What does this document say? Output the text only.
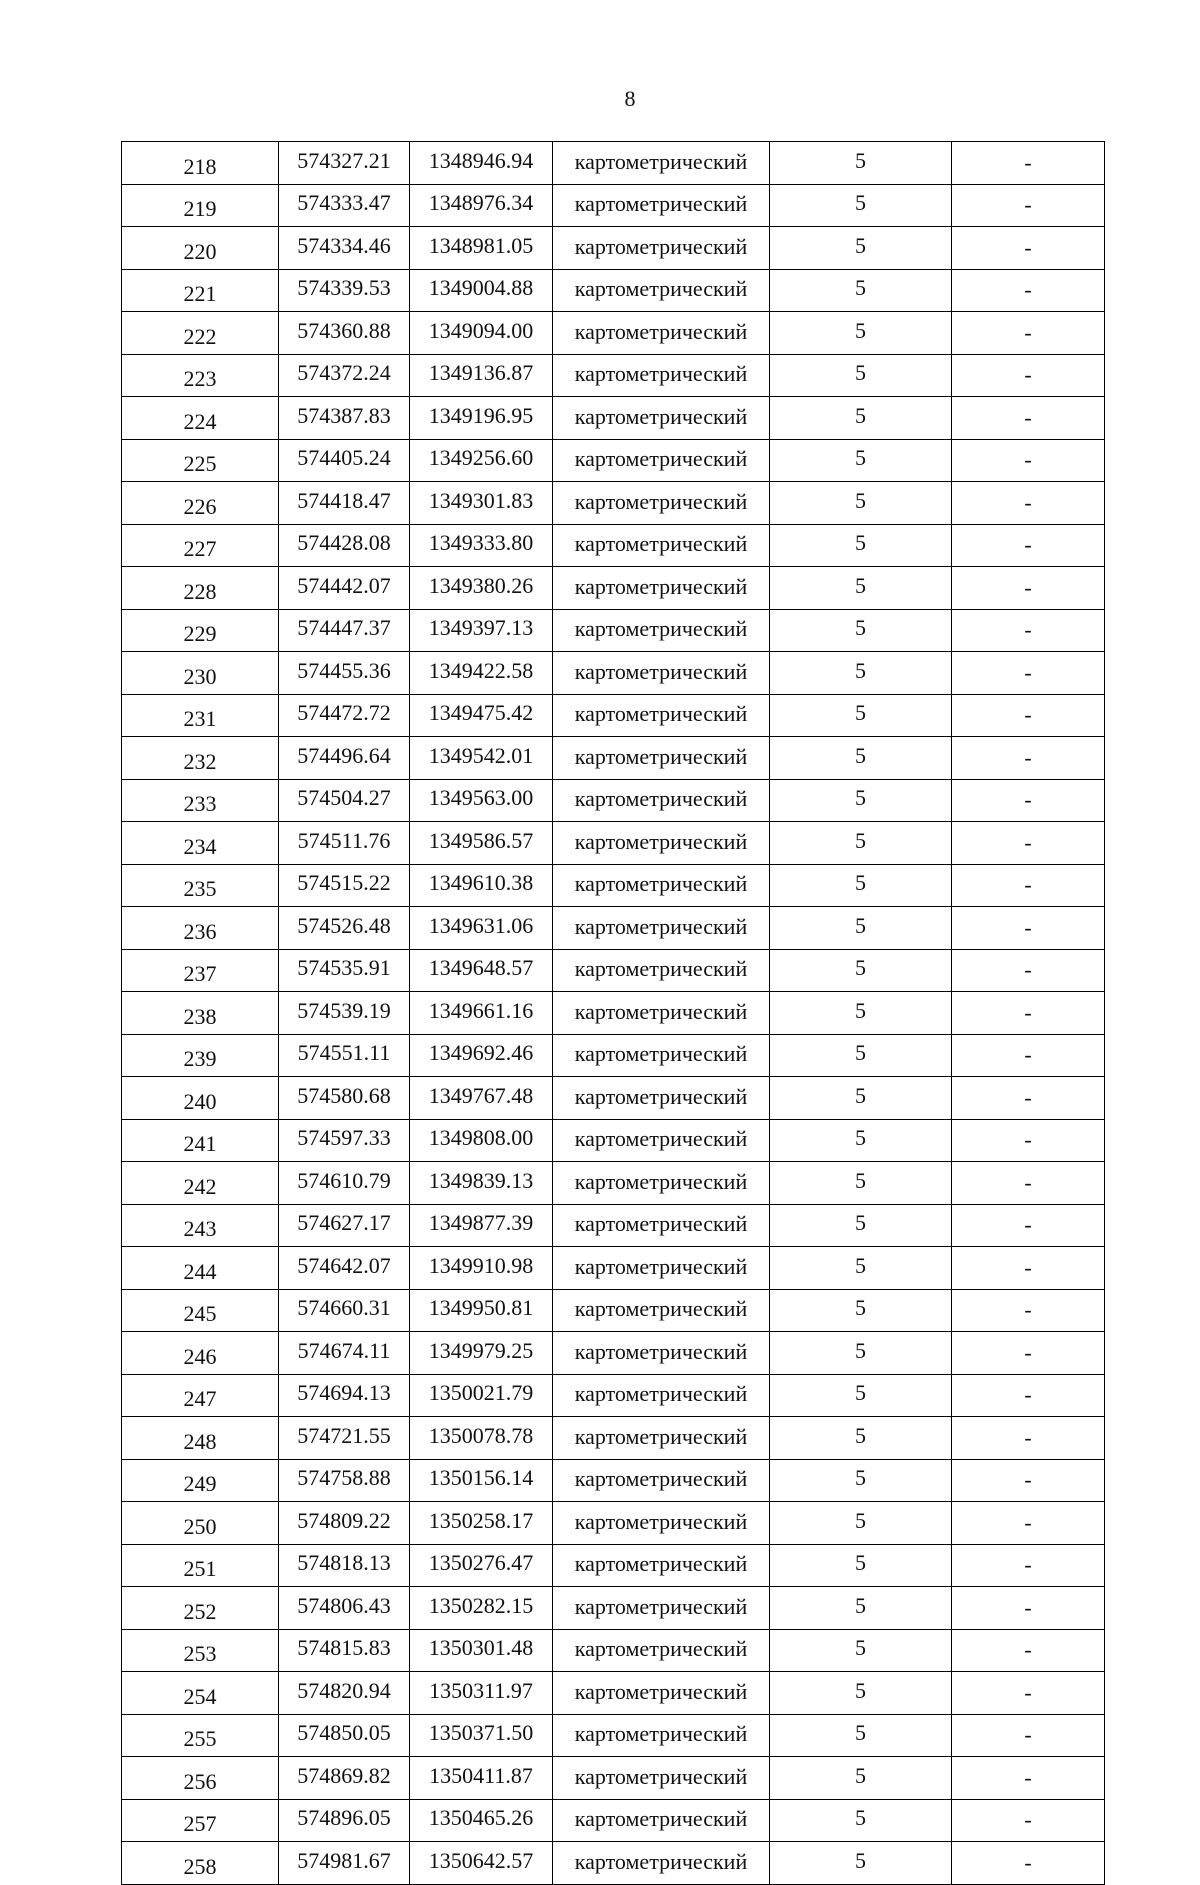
8
218	574327.21	1348946.94	картометрический	5	-
219	574333.47	1348976.34	картометрический	5	-
220	574334.46	1348981.05	картометрический	5	-
221	574339.53	1349004.88	картометрический	5	-
222	574360.88	1349094.00	картометрический	5	-
223	574372.24	1349136.87	картометрический	5	-
224	574387.83	1349196.95	картометрический	5	-
225	574405.24	1349256.60	картометрический	5	-
226	574418.47	1349301.83	картометрический	5	-
227	574428.08	1349333.80	картометрический	5	-
228	574442.07	1349380.26	картометрический	5	-
229	574447.37	1349397.13	картометрический	5	-
230	574455.36	1349422.58	картометрический	5	-
231	574472.72	1349475.42	картометрический	5	-
232	574496.64	1349542.01	картометрический	5	-
233	574504.27	1349563.00	картометрический	5	-
234	574511.76	1349586.57	картометрический	5	-
235	574515.22	1349610.38	картометрический	5	-
236	574526.48	1349631.06	картометрический	5	-
237	574535.91	1349648.57	картометрический	5	-
238	574539.19	1349661.16	картометрический	5	-
239	574551.11	1349692.46	картометрический	5	-
240	574580.68	1349767.48	картометрический	5	-
241	574597.33	1349808.00	картометрический	5	-
242	574610.79	1349839.13	картометрический	5	-
243	574627.17	1349877.39	картометрический	5	-
244	574642.07	1349910.98	картометрический	5	-
245	574660.31	1349950.81	картометрический	5	-
246	574674.11	1349979.25	картометрический	5	-
247	574694.13	1350021.79	картометрический	5	-
248	574721.55	1350078.78	картометрический	5	-
249	574758.88	1350156.14	картометрический	5	-
250	574809.22	1350258.17	картометрический	5	-
251	574818.13	1350276.47	картометрический	5	-
252	574806.43	1350282.15	картометрический	5	-
253	574815.83	1350301.48	картометрический	5	-
254	574820.94	1350311.97	картометрический	5	-
255	574850.05	1350371.50	картометрический	5	-
256	574869.82	1350411.87	картометрический	5	-
257	574896.05	1350465.26	картометрический	5	-
258	574981.67	1350642.57	картометрический	5	-
